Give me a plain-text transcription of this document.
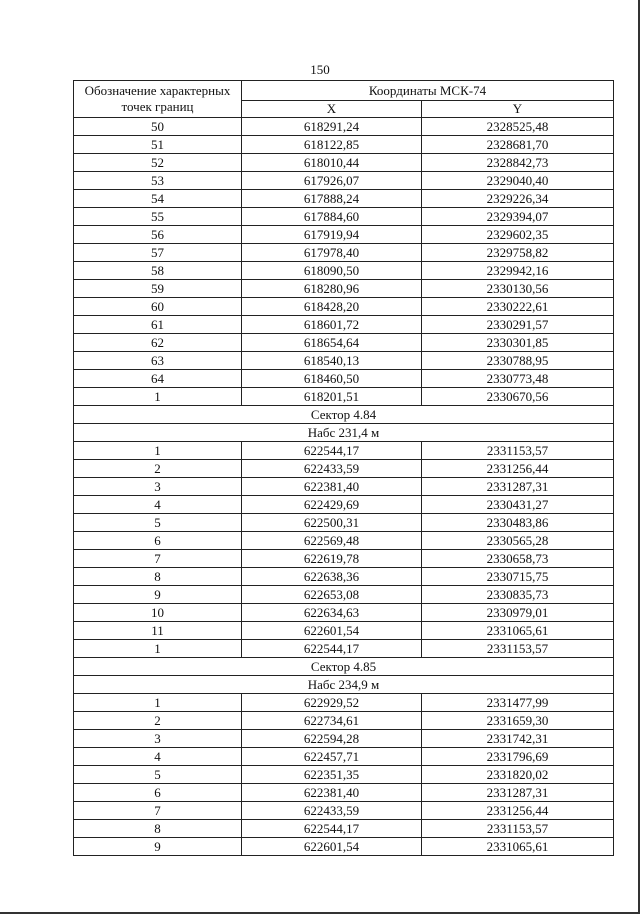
150
Обозначение характерных точек границ	Координаты МСК-74	
	X	Y
50	618291,24	2328525,48
51	618122,85	2328681,70
52	618010,44	2328842,73
53	617926,07	2329040,40
54	617888,24	2329226,34
55	617884,60	2329394,07
56	617919,94	2329602,35
57	617978,40	2329758,82
58	618090,50	2329942,16
59	618280,96	2330130,56
60	618428,20	2330222,61
61	618601,72	2330291,57
62	618654,64	2330301,85
63	618540,13	2330788,95
64	618460,50	2330773,48
1	618201,51	2330670,56
Сектор 4.84		
Набс 231,4 м		
1	622544,17	2331153,57
2	622433,59	2331256,44
3	622381,40	2331287,31
4	622429,69	2330431,27
5	622500,31	2330483,86
6	622569,48	2330565,28
7	622619,78	2330658,73
8	622638,36	2330715,75
9	622653,08	2330835,73
10	622634,63	2330979,01
11	622601,54	2331065,61
1	622544,17	2331153,57
Сектор 4.85		
Набс 234,9 м		
1	622929,52	2331477,99
2	622734,61	2331659,30
3	622594,28	2331742,31
4	622457,71	2331796,69
5	622351,35	2331820,02
6	622381,40	2331287,31
7	622433,59	2331256,44
8	622544,17	2331153,57
9	622601,54	2331065,61
